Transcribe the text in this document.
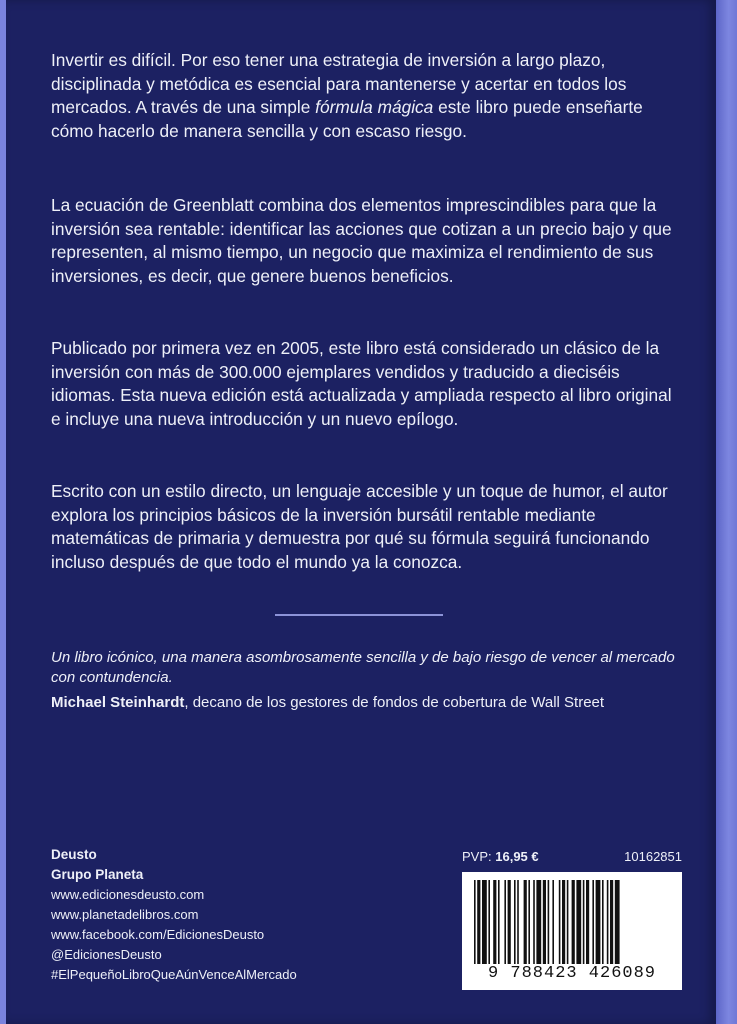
Invertir es difícil. Por eso tener una estrategia de inversión a largo plazo, disciplinada y metódica es esencial para mantenerse y acertar en todos los mercados. A través de una simple fórmula mágica este libro puede enseñarte cómo hacerlo de manera sencilla y con escaso riesgo.

La ecuación de Greenblatt combina dos elementos imprescindibles para que la inversión sea rentable: identificar las acciones que cotizan a un precio bajo y que representen, al mismo tiempo, un negocio que maximiza el rendimiento de sus inversiones, es decir, que genere buenos beneficios.

Publicado por primera vez en 2005, este libro está considerado un clásico de la inversión con más de 300.000 ejemplares vendidos y traducido a dieciséis idiomas. Esta nueva edición está actualizada y ampliada respecto al libro original e incluye una nueva introducción y un nuevo epílogo.

Escrito con un estilo directo, un lenguaje accesible y un toque de humor, el autor explora los principios básicos de la inversión bursátil rentable mediante matemáticas de primaria y demuestra por qué su fórmula seguirá funcionando incluso después de que todo el mundo ya la conozca.

Un libro icónico, una manera asombrosamente sencilla y de bajo riesgo de vencer al mercado con contundencia.
Michael Steinhardt, decano de los gestores de fondos de cobertura de Wall Street
Deusto
Grupo Planeta
www.edicionesdeusto.com
www.planetadelibros.com
www.facebook.com/EdicionesDeusto
@EdicionesDeusto
#ElPequeñoLibroQueAúnVenceAlMercado
PVP: 16,95 €	10162851
9 788423 426089
